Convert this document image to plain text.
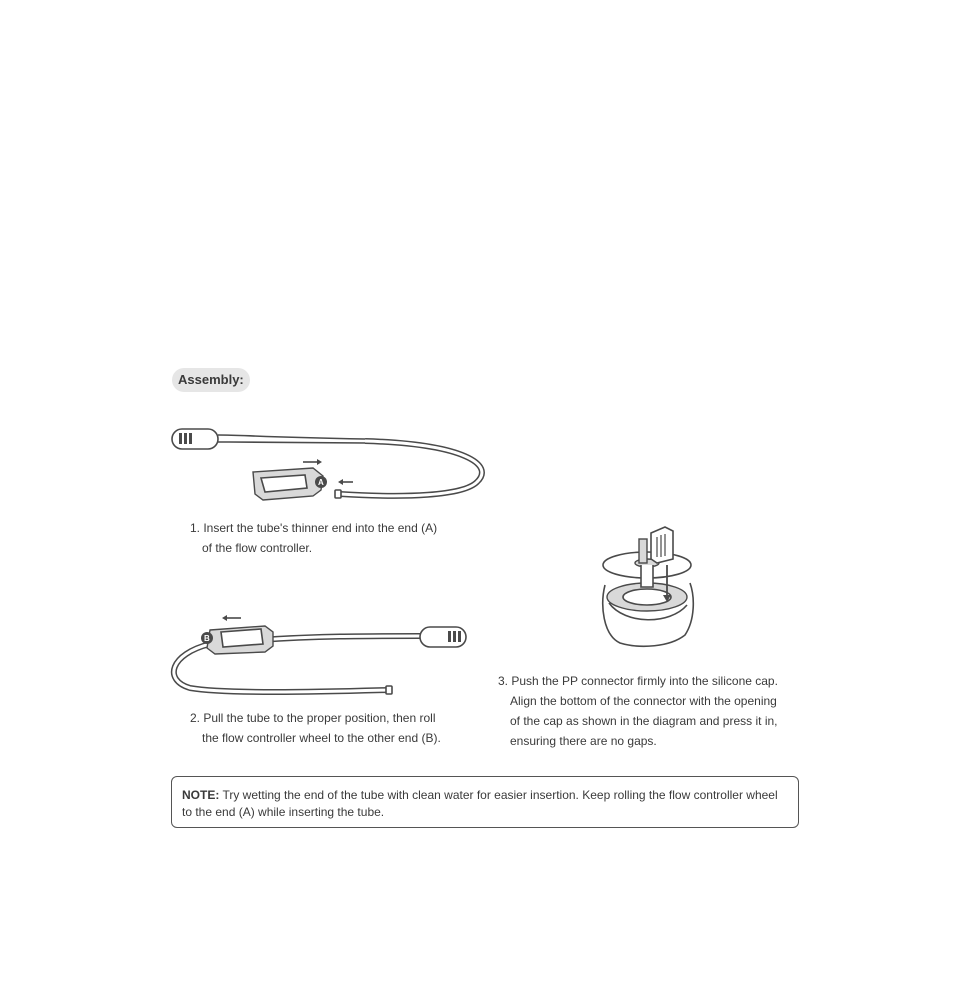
Assembly:
A
1. Insert the tube's thinner end into the end (A)
of the flow controller.
B
2. Pull the tube to the proper position, then roll
the flow controller wheel to the other end (B).
3. Push the PP connector firmly into the silicone cap.
Align the bottom of the connector with the opening
of the cap as shown in the diagram and press it in,
ensuring there are no gaps.
NOTE: Try wetting the end of the tube with clean water for easier insertion. Keep rolling the flow controller wheel to the end (A) while inserting the tube.
